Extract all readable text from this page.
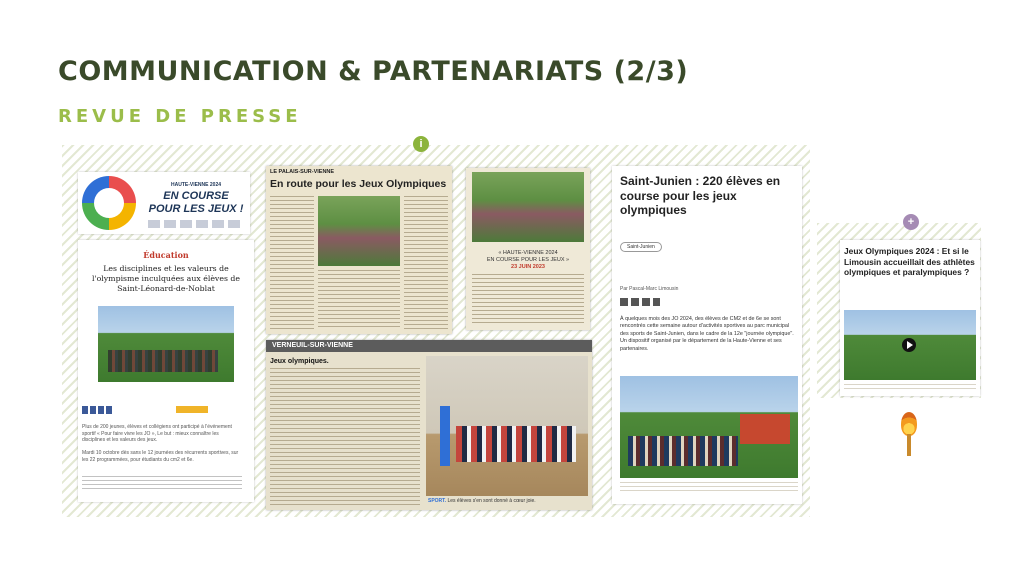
COMMUNICATION & PARTENARIATS (2/3)
REVUE DE PRESSE
i
+
HAUTE-VIENNE 2024
EN COURSE
POUR LES JEUX !
Éducation
Les disciplines et les valeurs de l'olympisme inculquées aux élèves de Saint-Léonard-de-Noblat
Plus de 200 jeunes, élèves et collégiens ont participé à l'événement sportif « Pour faire vivre les JO », Le but : mieux connaître les disciplines et les valeurs des jeux.
Mardi 10 octobre dès sans le 12 journées des récurrents sportives, sur les 22 programmées, pour étudiants du cm2 et 6e.
LE PALAIS-SUR-VIENNE
En route pour les Jeux Olympiques
« HAUTE-VIENNE 2024
EN COURSE POUR LES JEUX »
23 JUIN 2023
VERNEUIL-SUR-VIENNE
Jeux olympiques.
SPORT. Les élèves s'en sont donné à cœur joie.
Saint-Junien : 220 élèves en course pour les jeux olympiques
Saint-Junien
Par Pascal-Marc Limousin
À quelques mois des JO 2024, des élèves de CM2 et de 6e se sont rencontrés cette semaine autour d'activités sportives au parc municipal des sports de Saint-Junien, dans le cadre de la 12e "journée olympique". Un dispositif organisé par le département de la Haute-Vienne et ses partenaires.
Jeux Olympiques 2024 : Et si le Limousin accueillait des athlètes olympiques et paralympiques ?
